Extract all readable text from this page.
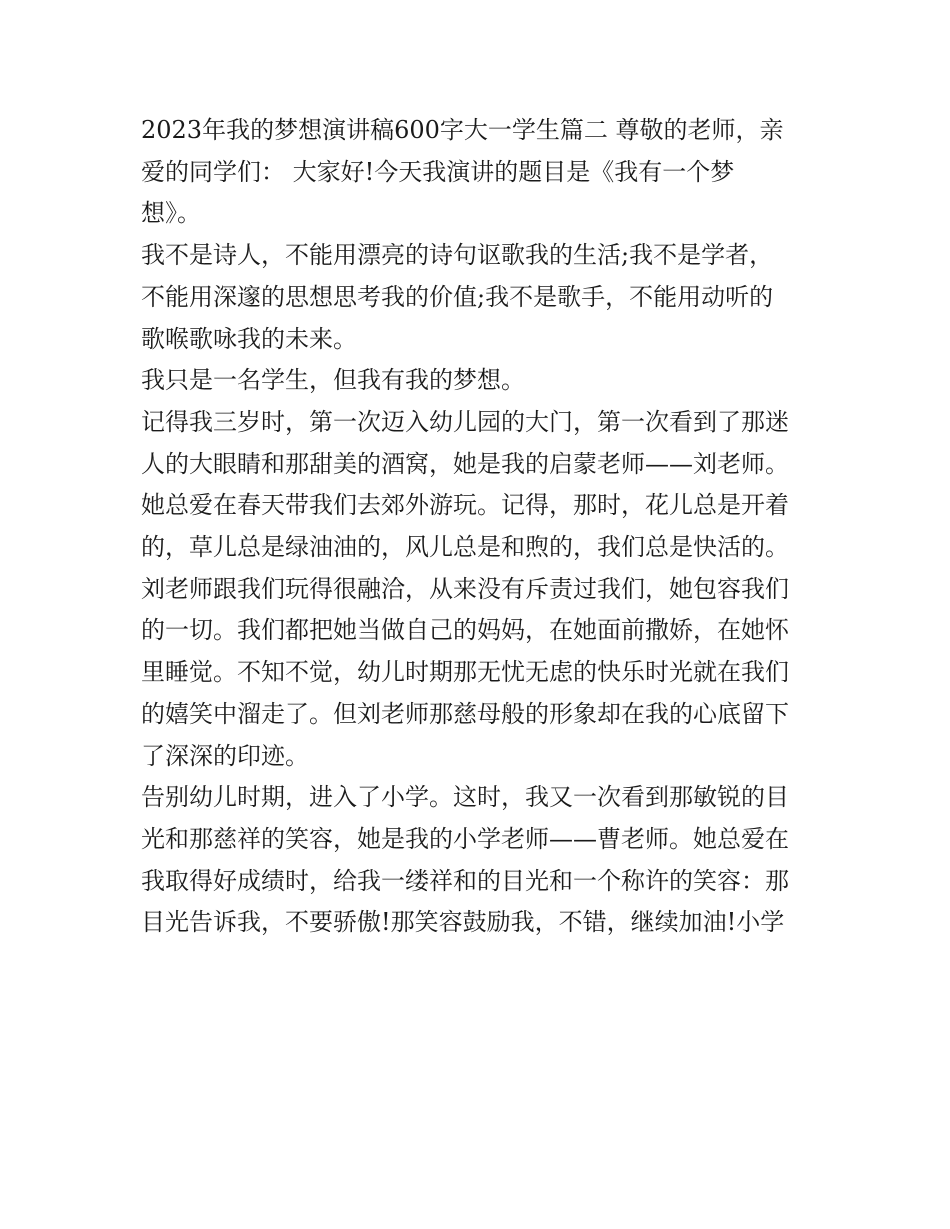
2023年我的梦想演讲稿600字大一学生篇二 尊敬的老师，亲

爱的同学们： 大家好!今天我演讲的题目是《我有一个梦

想》。

我不是诗人，不能用漂亮的诗句讴歌我的生活;我不是学者，

不能用深邃的思想思考我的价值;我不是歌手，不能用动听的

歌喉歌咏我的未来。

我只是一名学生，但我有我的梦想。

记得我三岁时，第一次迈入幼儿园的大门，第一次看到了那迷

人的大眼睛和那甜美的酒窝，她是我的启蒙老师——刘老师。

她总爱在春天带我们去郊外游玩。记得，那时，花儿总是开着

的，草儿总是绿油油的，风儿总是和煦的，我们总是快活的。

刘老师跟我们玩得很融洽，从来没有斥责过我们，她包容我们

的一切。我们都把她当做自己的妈妈，在她面前撒娇，在她怀

里睡觉。不知不觉，幼儿时期那无忧无虑的快乐时光就在我们

的嬉笑中溜走了。但刘老师那慈母般的形象却在我的心底留下

了深深的印迹。

告别幼儿时期，进入了小学。这时，我又一次看到那敏锐的目

光和那慈祥的笑容，她是我的小学老师——曹老师。她总爱在

我取得好成绩时，给我一缕祥和的目光和一个称许的笑容：那

目光告诉我，不要骄傲!那笑容鼓励我，不错，继续加油!小学
